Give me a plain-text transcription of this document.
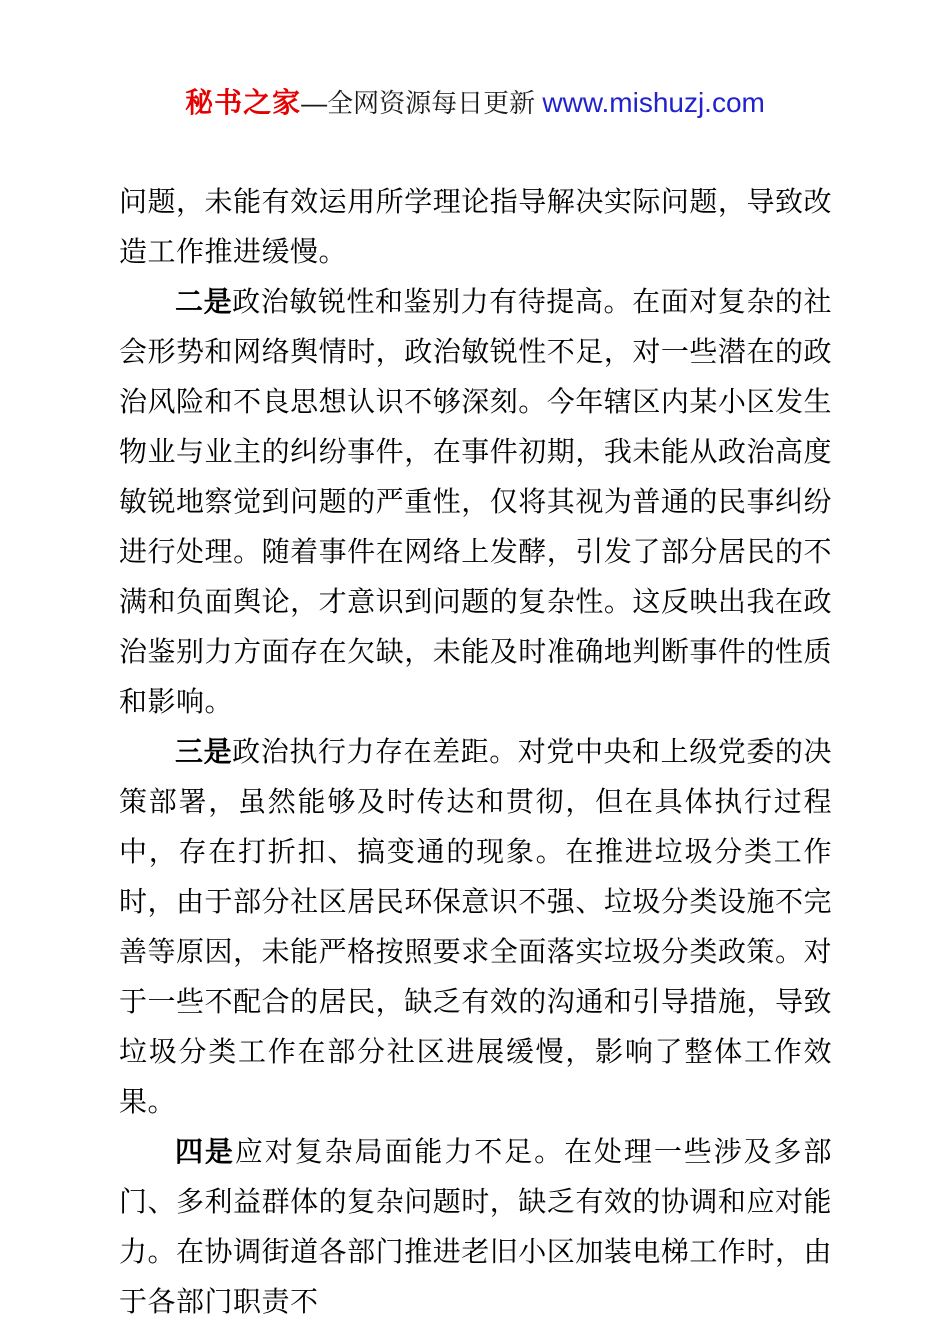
秘书之家—全网资源每日更新 www.mishuzj.com

问题，未能有效运用所学理论指导解决实际问题，导致改造工作推进缓慢。

二是政治敏锐性和鉴别力有待提高。在面对复杂的社会形势和网络舆情时，政治敏锐性不足，对一些潜在的政治风险和不良思想认识不够深刻。今年辖区内某小区发生物业与业主的纠纷事件，在事件初期，我未能从政治高度敏锐地察觉到问题的严重性，仅将其视为普通的民事纠纷进行处理。随着事件在网络上发酵，引发了部分居民的不满和负面舆论，才意识到问题的复杂性。这反映出我在政治鉴别力方面存在欠缺，未能及时准确地判断事件的性质和影响。

三是政治执行力存在差距。对党中央和上级党委的决策部署，虽然能够及时传达和贯彻，但在具体执行过程中，存在打折扣、搞变通的现象。在推进垃圾分类工作时，由于部分社区居民环保意识不强、垃圾分类设施不完善等原因，未能严格按照要求全面落实垃圾分类政策。对于一些不配合的居民，缺乏有效的沟通和引导措施，导致垃圾分类工作在部分社区进展缓慢，影响了整体工作效果。

四是应对复杂局面能力不足。在处理一些涉及多部门、多利益群体的复杂问题时，缺乏有效的协调和应对能力。在协调街道各部门推进老旧小区加装电梯工作时，由于各部门职责不
